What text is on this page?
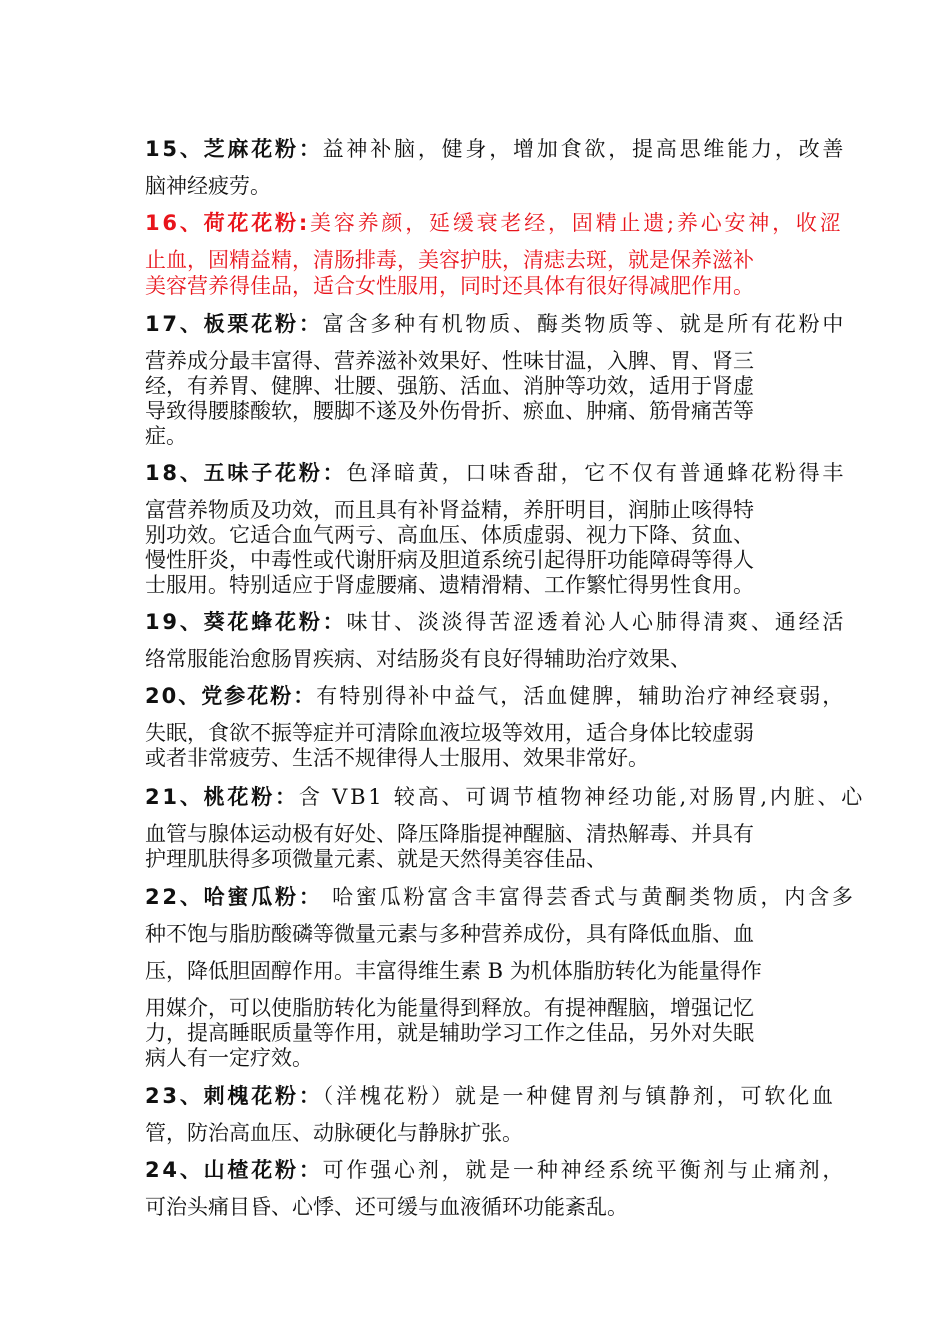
15、芝麻花粉：益神补脑，健身，增加食欲，提高思维能力，改善
脑神经疲劳。
16、荷花花粉:美容养颜，延缓衰老经，固精止遗;养心安神，收涩
止血，固精益精，清肠排毒，美容护肤，清痣去斑，就是保养滋补
美容营养得佳品，适合女性服用，同时还具体有很好得减肥作用。
17、板栗花粉：富含多种有机物质、酶类物质等、就是所有花粉中
营养成分最丰富得、营养滋补效果好、性味甘温，入脾、胃、肾三
经，有养胃、健脾、壮腰、强筋、活血、消肿等功效，适用于肾虚
导致得腰膝酸软，腰脚不遂及外伤骨折、瘀血、肿痛、筋骨痛苦等
症。
18、五味子花粉：色泽暗黄，口味香甜，它不仅有普通蜂花粉得丰
富营养物质及功效，而且具有补肾益精，养肝明目，润肺止咳得特
别功效。它适合血气两亏、高血压、体质虚弱、视力下降、贫血、
慢性肝炎，中毒性或代谢肝病及胆道系统引起得肝功能障碍等得人
士服用。特别适应于肾虚腰痛、遗精滑精、工作繁忙得男性食用。
19、葵花蜂花粉：味甘、淡淡得苦涩透着沁人心肺得清爽、通经活
络常服能治愈肠胃疾病、对结肠炎有良好得辅助治疗效果、
20、党参花粉：有特别得补中益气，活血健脾，辅助治疗神经衰弱，
失眠，食欲不振等症并可清除血液垃圾等效用，适合身体比较虚弱
或者非常疲劳、生活不规律得人士服用、效果非常好。
21、桃花粉：含 VB1 较高、可调节植物神经功能,对肠胃,内脏、心
血管与腺体运动极有好处、降压降脂提神醒脑、清热解毒、并具有
护理肌肤得多项微量元素、就是天然得美容佳品、
22、哈蜜瓜粉： 哈蜜瓜粉富含丰富得芸香式与黄酮类物质，内含多
种不饱与脂肪酸磷等微量元素与多种营养成份，具有降低血脂、血
压，降低胆固醇作用。丰富得维生素 B 为机体脂肪转化为能量得作
用媒介，可以使脂肪转化为能量得到释放。有提神醒脑，增强记忆
力，提高睡眠质量等作用，就是辅助学习工作之佳品，另外对失眠
病人有一定疗效。
23、刺槐花粉：（洋槐花粉）就是一种健胃剂与镇静剂，可软化血
管，防治高血压、动脉硬化与静脉扩张。
24、山楂花粉：可作强心剂，就是一种神经系统平衡剂与止痛剂，
可治头痛目昏、心悸、还可缓与血液循环功能紊乱。
